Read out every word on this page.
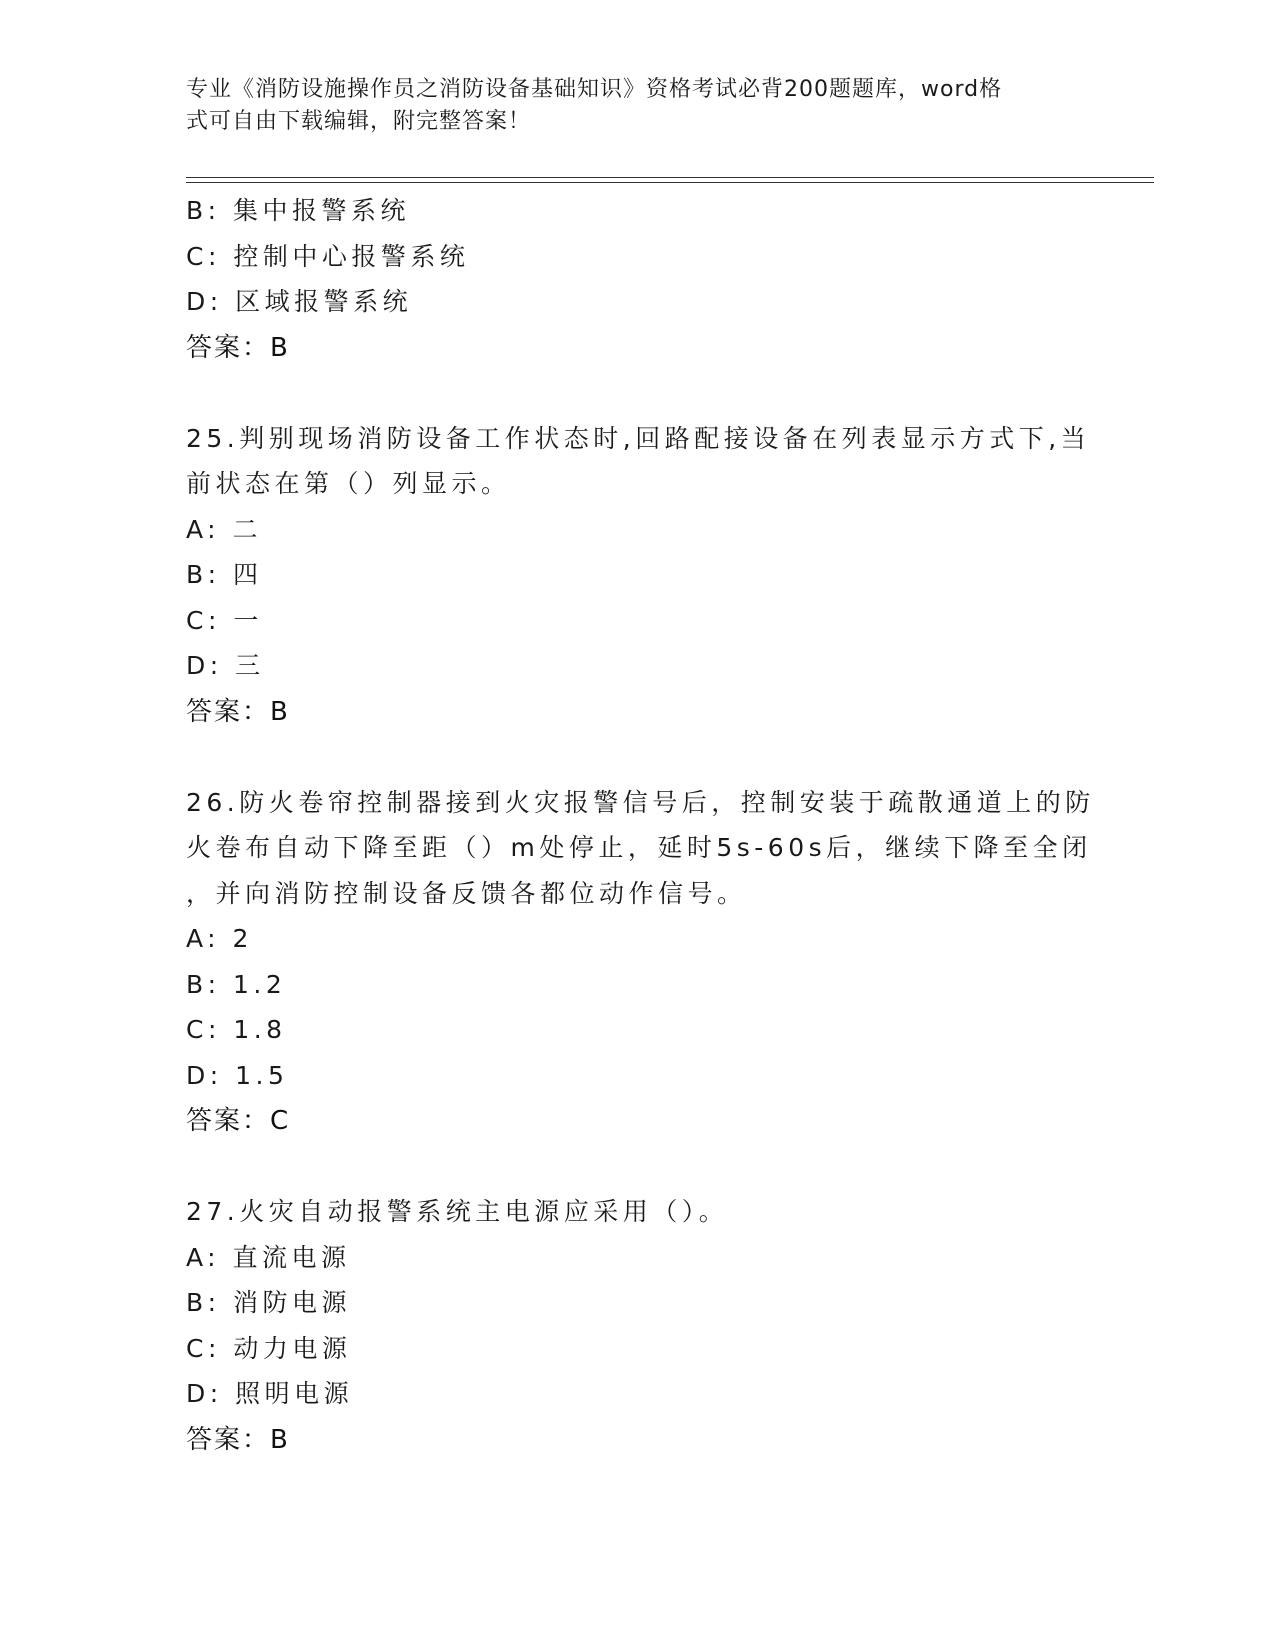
专业《消防设施操作员之消防设备基础知识》资格考试必背200题题库，word格
式可自由下载编辑，附完整答案！
B: 集中报警系统
C: 控制中心报警系统
D: 区域报警系统
答案：B
25.判别现场消防设备工作状态时,回路配接设备在列表显示方式下,当
前状态在第（）列显示。
A: 二
B: 四
C: 一
D: 三
答案：B
26.防火卷帘控制器接到火灾报警信号后，控制安装于疏散通道上的防
火卷布自动下降至距（）m处停止，延时5s-60s后，继续下降至全闭
，并向消防控制设备反馈各都位动作信号。
A: 2
B: 1.2
C: 1.8
D: 1.5
答案：C
27.火灾自动报警系统主电源应采用（）。
A: 直流电源
B: 消防电源
C: 动力电源
D: 照明电源
答案：B
